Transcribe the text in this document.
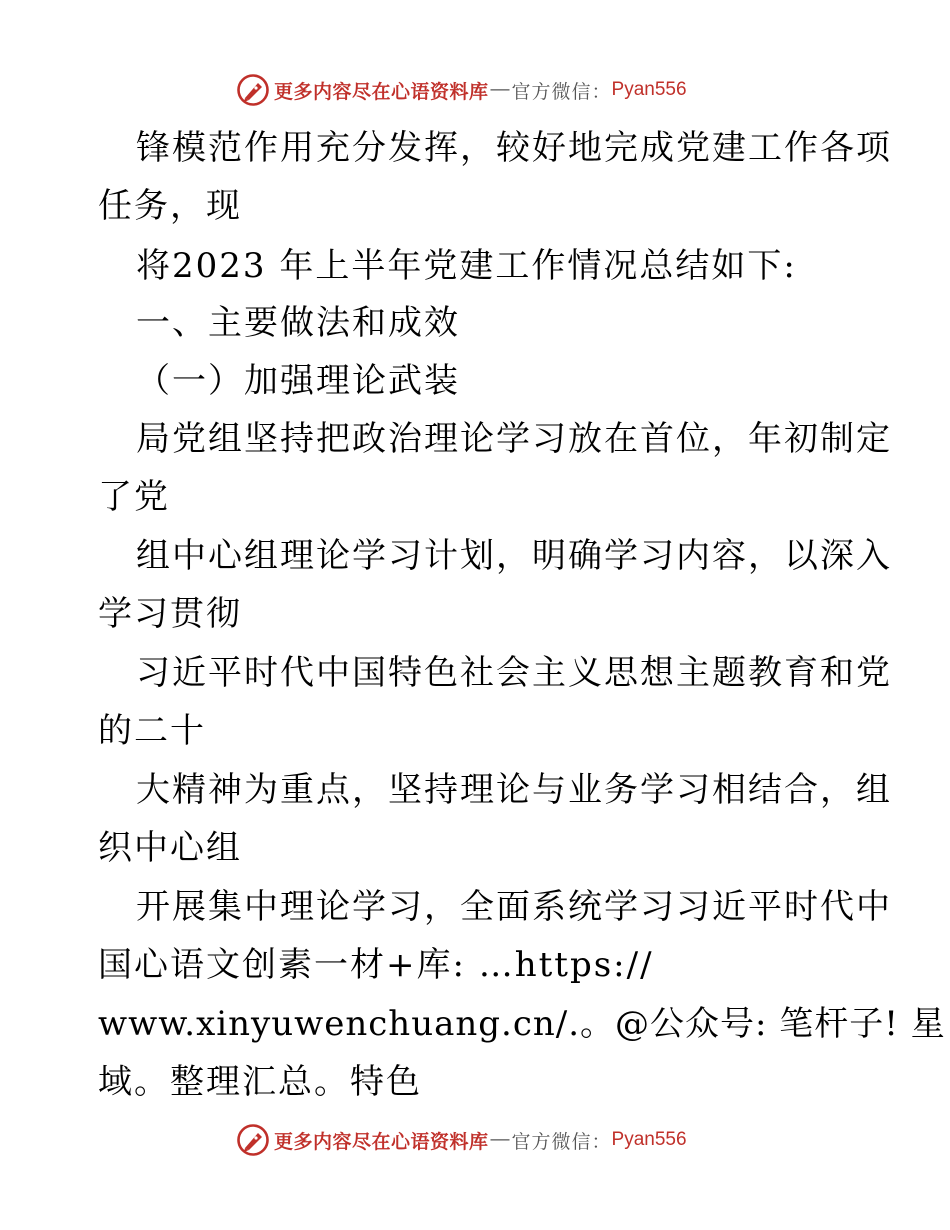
更多内容尽在心语资料库 — 官方微信： Pyan556
锋模范作用充分发挥，较好地完成党建工作各项
任务，现
将2023 年上半年党建工作情况总结如下:
一、主要做法和成效
（一）加强理论武装
局党组坚持把政治理论学习放在首位，年初制定
了党
组中心组理论学习计划，明确学习内容，以深入
学习贯彻
习近平时代中国特色社会主义思想主题教育和党
的二十
大精神为重点，坚持理论与业务学习相结合，组
织中心组
开展集中理论学习，全面系统学习习近平时代中
国心语文创素一材+库: …https://
www.xinyuwenchuang.cn/.。@公众号: 笔杆子! 星
域。整理汇总。特色
更多内容尽在心语资料库 — 官方微信： Pyan556
